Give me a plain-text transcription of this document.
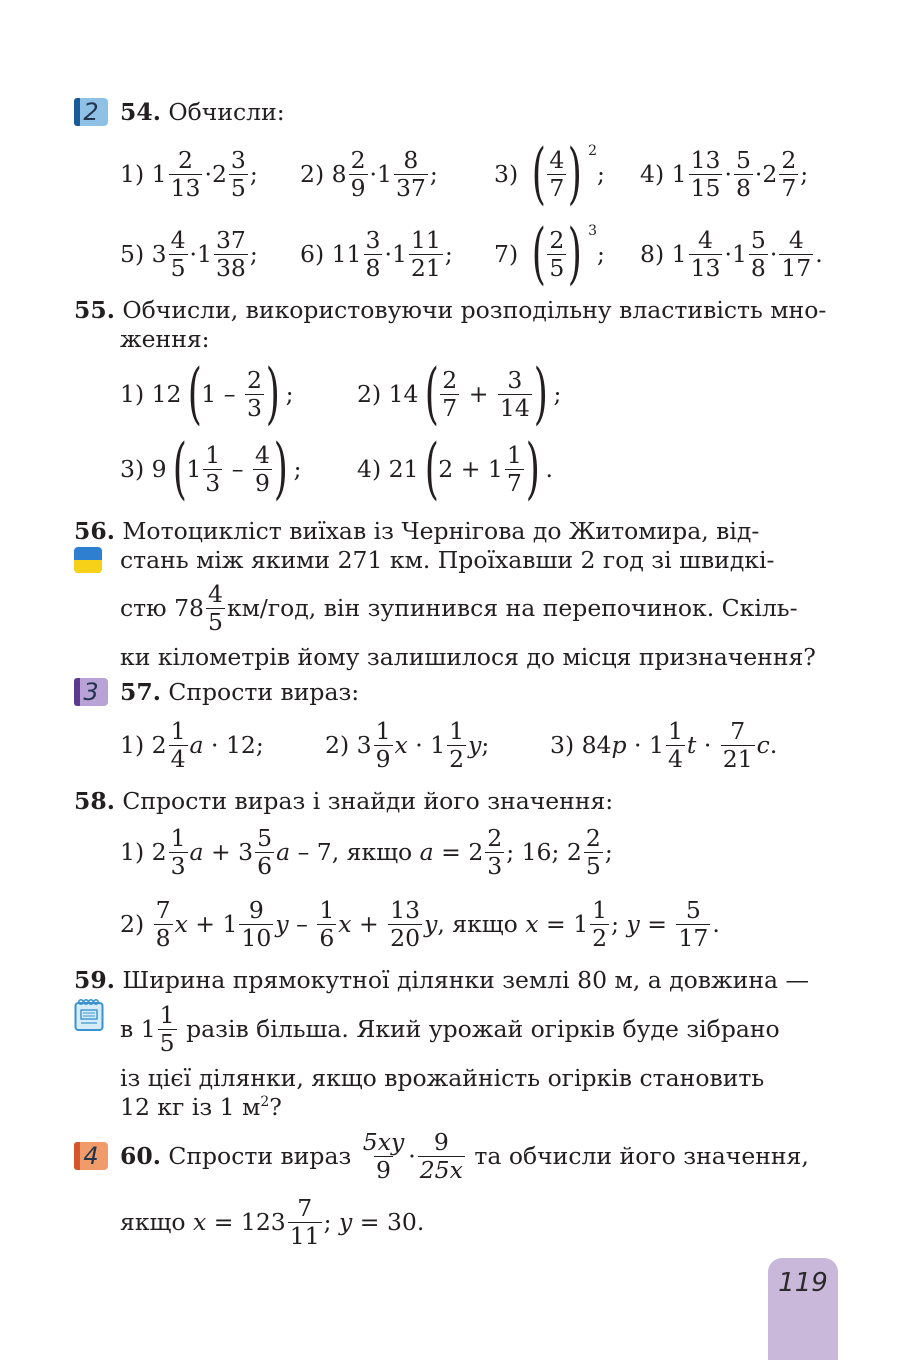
2 54. Обчисли:
1)
1 2
13 · 2 3
5 ; 2)
8 2
9 · 1 8
37 ; 3)
( 4
7 ) 2
; 4)
1 13
15 · 5
8 · 2 2
7 ;
5)
3 4
5 · 1 37
38 ; 6)
11 3
8 · 1 11
21 ; 7)
( 2
5 ) 3
; 8)
1 4
13 · 1 5
8 · 4
17 .
55. Обчисли, використовуючи розподільну властивість мно-
ження:
1)
12 ( 1
–
2
3 ) ;	2)
14 ( 2
7
+
$\frac{3}{14}$ ) ;
3)
9 ( 1 1
3
–
4
9 ) ; 4)
21 ( 2
+
1 1
7 ) .
56. Мотоцикліст виїхав із Чернігова до Житомира, від-
стань між якими 271 км. Проїхавши 2 год зі швидкі-
стю 78 4
5 км/год, він зупинився на перепочинок. Скіль-
ки кілометрів йому залишилося до місця призначення?
3 57. Спрости вираз:
1)
2 1
4 a · 12;	2)
3 1
9 x · 1 1
2 y ;	3)
84 p · 1 1
4 t · 7
21 c .
58. Спрости вираз і знайди його значення:
1)
2 1
3 a + 3 5
6 a – 7, якщо a = 2 2
3 ; 16; 2 2
5 ;
2)
7
8 x + 1 9
10 y – 1
6 $x + \frac{13}{20}$ y , якщо x = 1 1
2 ; $y = \frac{5}{17}$ .
59. Ширина прямокутної ділянки землі 80 м, а довжина —
в 1 1
5 разів більша. Який урожай огірків буде зібрано
із цієї ділянки, якщо врожайність огірків становить
12 кг із 1 $м^2$?
4 60.
Спрости вираз 5xy
9 · 9
25x та обчисли його значення,
якщо x = 123 7
11 ; y = 30.
119
